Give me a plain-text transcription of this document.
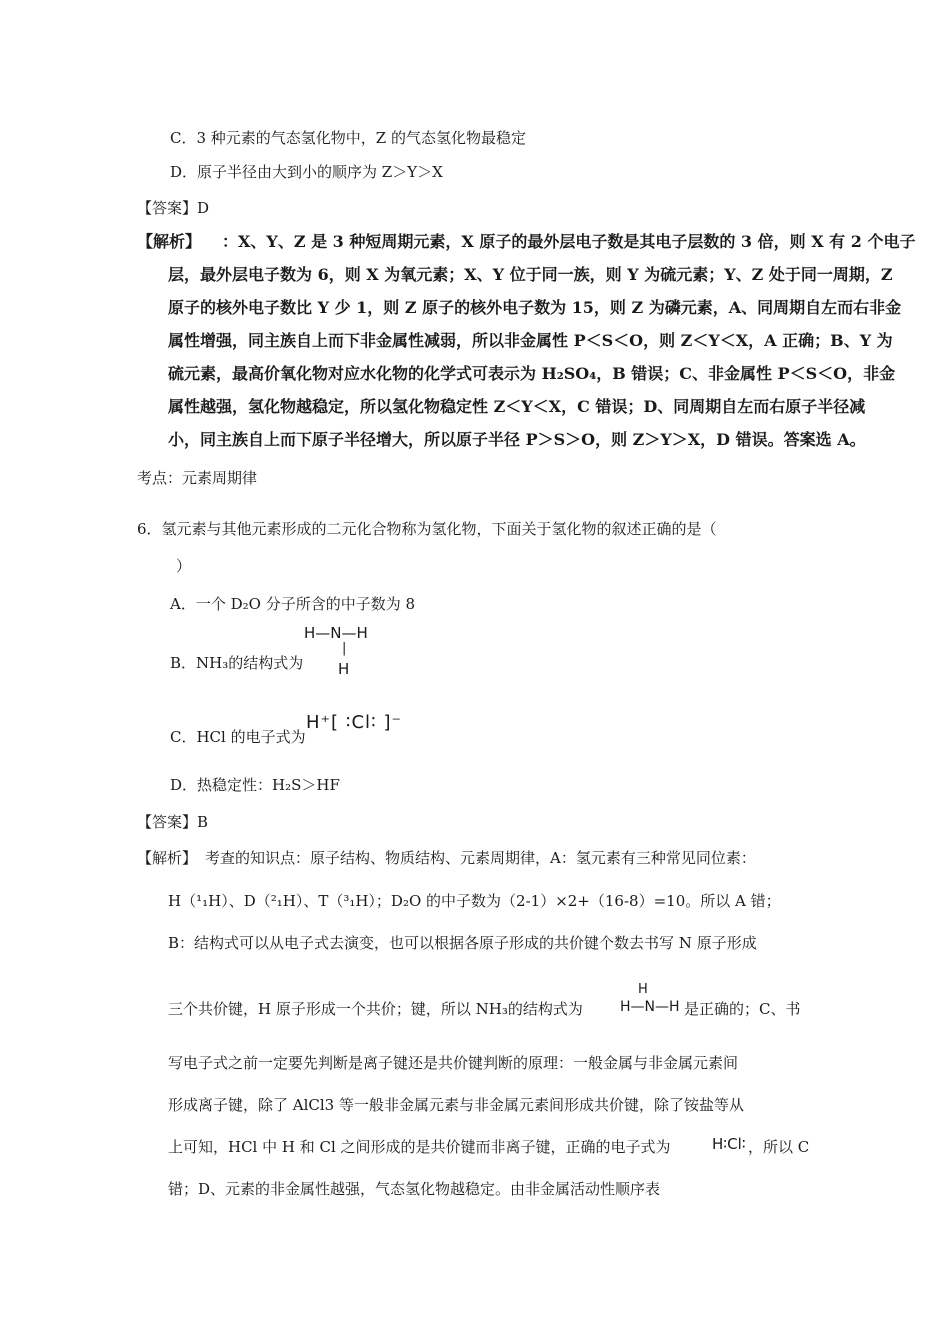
C．3 种元素的气态氢化物中，Z 的气态氢化物最稳定
D．原子半径由大到小的顺序为 Z＞Y＞X
【答案】D
【解析】 ：X、Y、Z 是 3 种短周期元素，X 原子的最外层电子数是其电子层数的 3 倍，则 X 有 2 个电子
层，最外层电子数为 6，则 X 为氧元素；X、Y 位于同一族，则 Y 为硫元素；Y、Z 处于同一周期，Z
原子的核外电子数比 Y 少 1，则 Z 原子的核外电子数为 15，则 Z 为磷元素，A、同周期自左而右非金
属性增强，同主族自上而下非金属性减弱，所以非金属性 P＜S＜O，则 Z＜Y＜X，A 正确；B、Y 为
硫元素，最高价氧化物对应水化物的化学式可表示为 H₂SO₄，B 错误；C、非金属性 P＜S＜O，非金
属性越强，氢化物越稳定，所以氢化物稳定性 Z＜Y＜X，C 错误；D、同周期自左而右原子半径减
小，同主族自上而下原子半径增大，所以原子半径 P＞S＞O，则 Z＞Y＞X，D 错误。答案选 A。
考点：元素周期律
6．氢元素与其他元素形成的二元化合物称为氢化物，下面关于氢化物的叙述正确的是（
）
A．一个 D₂O 分子所含的中子数为 8
B．NH₃的结构式为
H—N—H
|
H
C．HCl 的电子式为
H⁺[ ∶Cl∶ ]⁻
D．热稳定性：H₂S＞HF
【答案】B
【解析】 考查的知识点：原子结构、物质结构、元素周期律，A：氢元素有三种常见同位素：
H（¹₁H）、D（²₁H）、T（³₁H）；D₂O 的中子数为（2-1）×2+（16-8）=10。所以 A 错；
B：结构式可以从电子式去演变，也可以根据各原子形成的共价键个数去书写 N 原子形成
三个共价键，H 原子形成一个共价；键，所以 NH₃的结构式为
H
H—N—H 是正确的；C、书
写电子式之前一定要先判断是离子键还是共价键判断的原理：一般金属与非金属元素间
形成离子键，除了 AlCl3 等一般非金属元素与非金属元素间形成共价键，除了铵盐等从
上可知，HCl 中 H 和 Cl 之间形成的是共价键而非离子键，正确的电子式为	H∶Cl∶ ，所以 C
错；D、元素的非金属性越强，气态氢化物越稳定。由非金属活动性顺序表
